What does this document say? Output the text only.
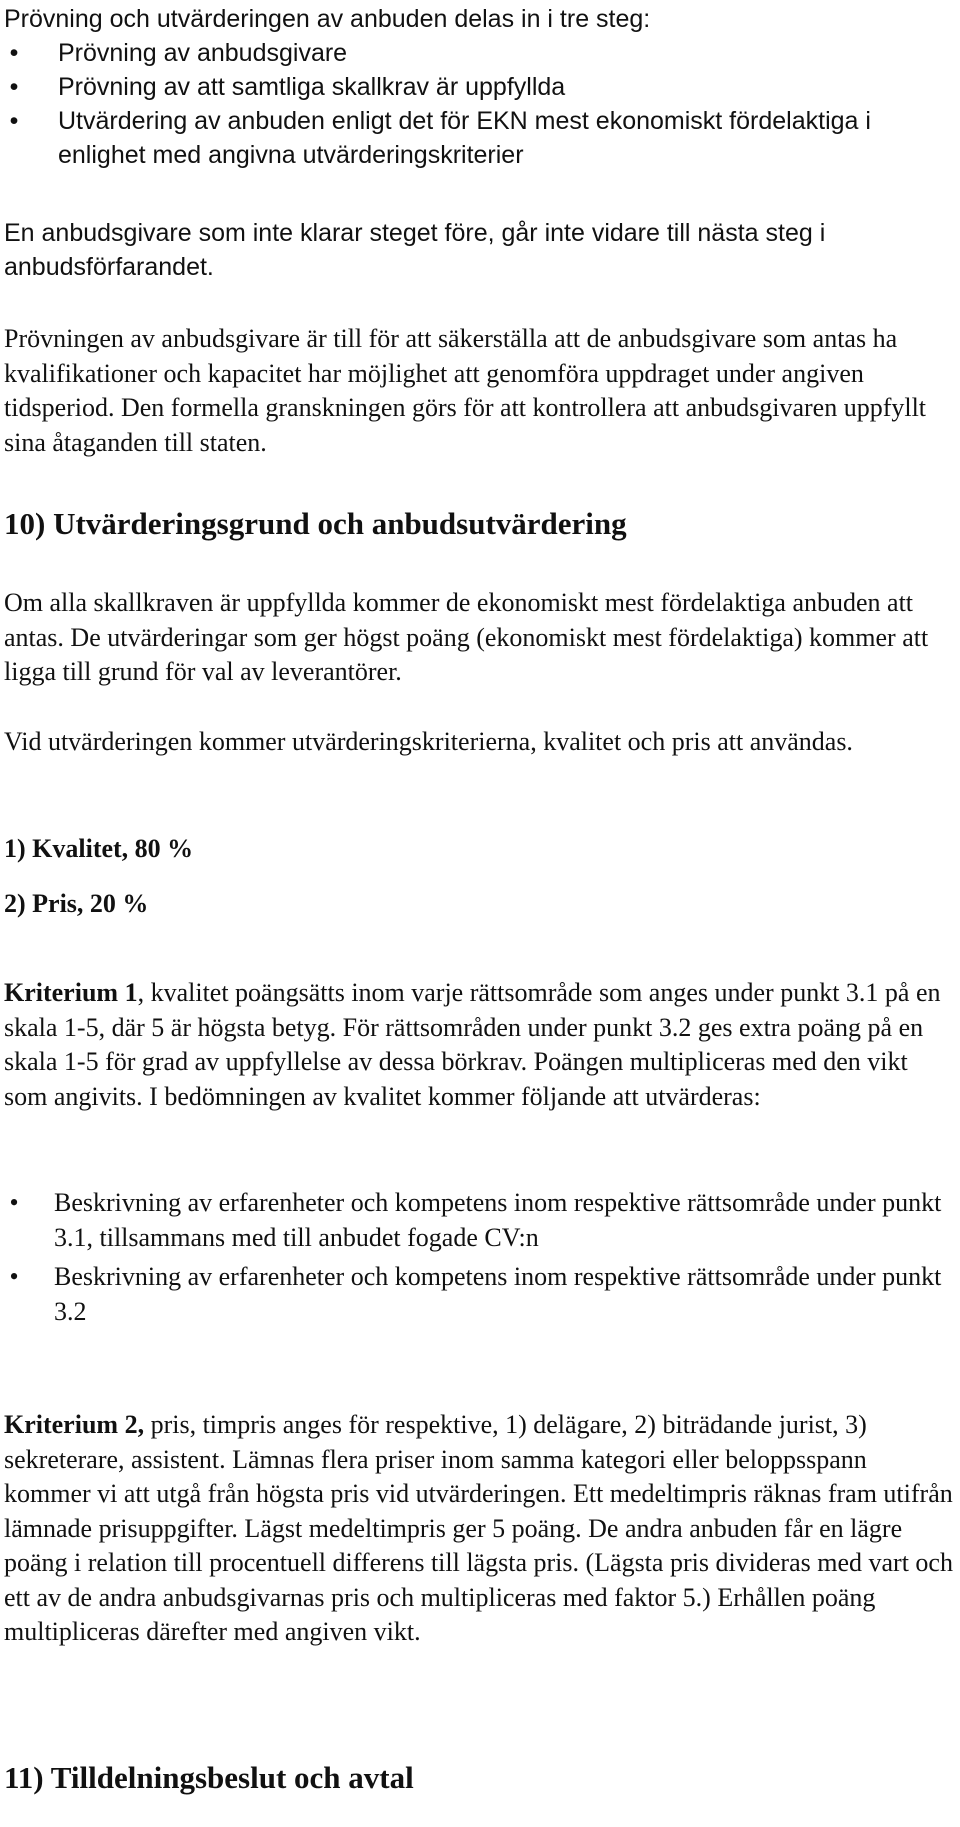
Prövning och utvärderingen av anbuden delas in i tre steg:
•	Prövning av anbudsgivare
•	Prövning av att samtliga skallkrav är uppfyllda
•	Utvärdering av anbuden enligt det för EKN mest ekonomiskt fördelaktiga i enlighet med angivna utvärderingskriterier
En anbudsgivare som inte klarar steget före, går inte vidare till nästa steg i anbudsförfarandet.

Prövningen av anbudsgivare är till för att säkerställa att de anbudsgivare som antas ha kvalifikationer och kapacitet har möjlighet att genomföra uppdraget under angiven tidsperiod. Den formella granskningen görs för att kontrollera att anbudsgivaren uppfyllt sina åtaganden till staten.

10) Utvärderingsgrund och anbudsutvärdering

Om alla skallkraven är uppfyllda kommer de ekonomiskt mest fördelaktiga anbuden att antas. De utvärderingar som ger högst poäng (ekonomiskt mest fördelaktiga) kommer att ligga till grund för val av leverantörer.

Vid utvärderingen kommer utvärderingskriterierna, kvalitet och pris att användas.

1) Kvalitet, 80 %
2) Pris, 20 %

Kriterium 1, kvalitet poängsätts inom varje rättsområde som anges under punkt 3.1 på en skala 1-5, där 5 är högsta betyg. För rättsområden under punkt 3.2 ges extra poäng på en skala 1-5 för grad av uppfyllelse av dessa börkrav. Poängen multipliceras med den vikt som angivits. I bedömningen av kvalitet kommer följande att utvärderas:

•	Beskrivning av erfarenheter och kompetens inom respektive rättsområde under punkt 3.1, tillsammans med till anbudet fogade CV:n
•	Beskrivning av erfarenheter och kompetens inom respektive rättsområde under punkt 3.2

Kriterium 2, pris, timpris anges för respektive, 1) delägare, 2) biträdande jurist, 3) sekreterare, assistent. Lämnas flera priser inom samma kategori eller beloppsspann kommer vi att utgå från högsta pris vid utvärderingen. Ett medeltimpris räknas fram utifrån lämnade prisuppgifter. Lägst medeltimpris ger 5 poäng. De andra anbuden får en lägre poäng i relation till procentuell differens till lägsta pris. (Lägsta pris divideras med vart och ett av de andra anbudsgivarnas pris och multipliceras med faktor 5.) Erhållen poäng multipliceras därefter med angiven vikt.

11) Tilldelningsbeslut och avtal
